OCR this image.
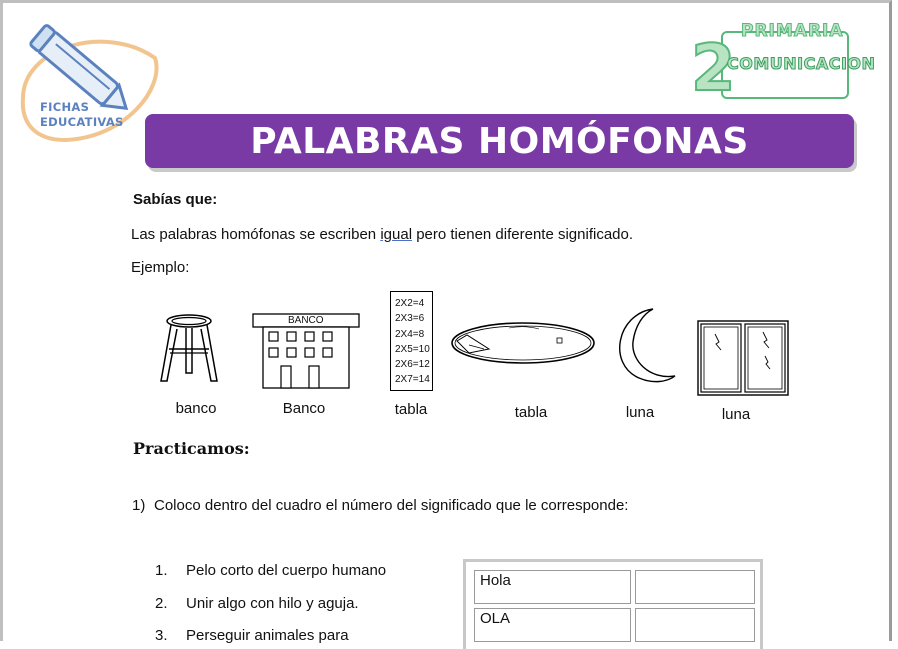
FICHAS
EDUCATIVAS
PRIMARIA
2
COMUNICACION
PALABRAS HOMÓFONAS
Sabías que:
Las palabras homófonas se escriben igual pero tienen diferente significado.
Ejemplo:
banco
BANCO
Banco
2X2=4
2X3=6
2X4=8
2X5=10
2X6=12
2X7=14
tabla	tabla	luna	luna
Practicamos:
1) Coloco dentro del cuadro el número del significado que le corresponde:
1. Pelo corto del cuerpo humano
2. Unir algo con hilo y aguja.
3. Perseguir animales para
Hola
OLA
